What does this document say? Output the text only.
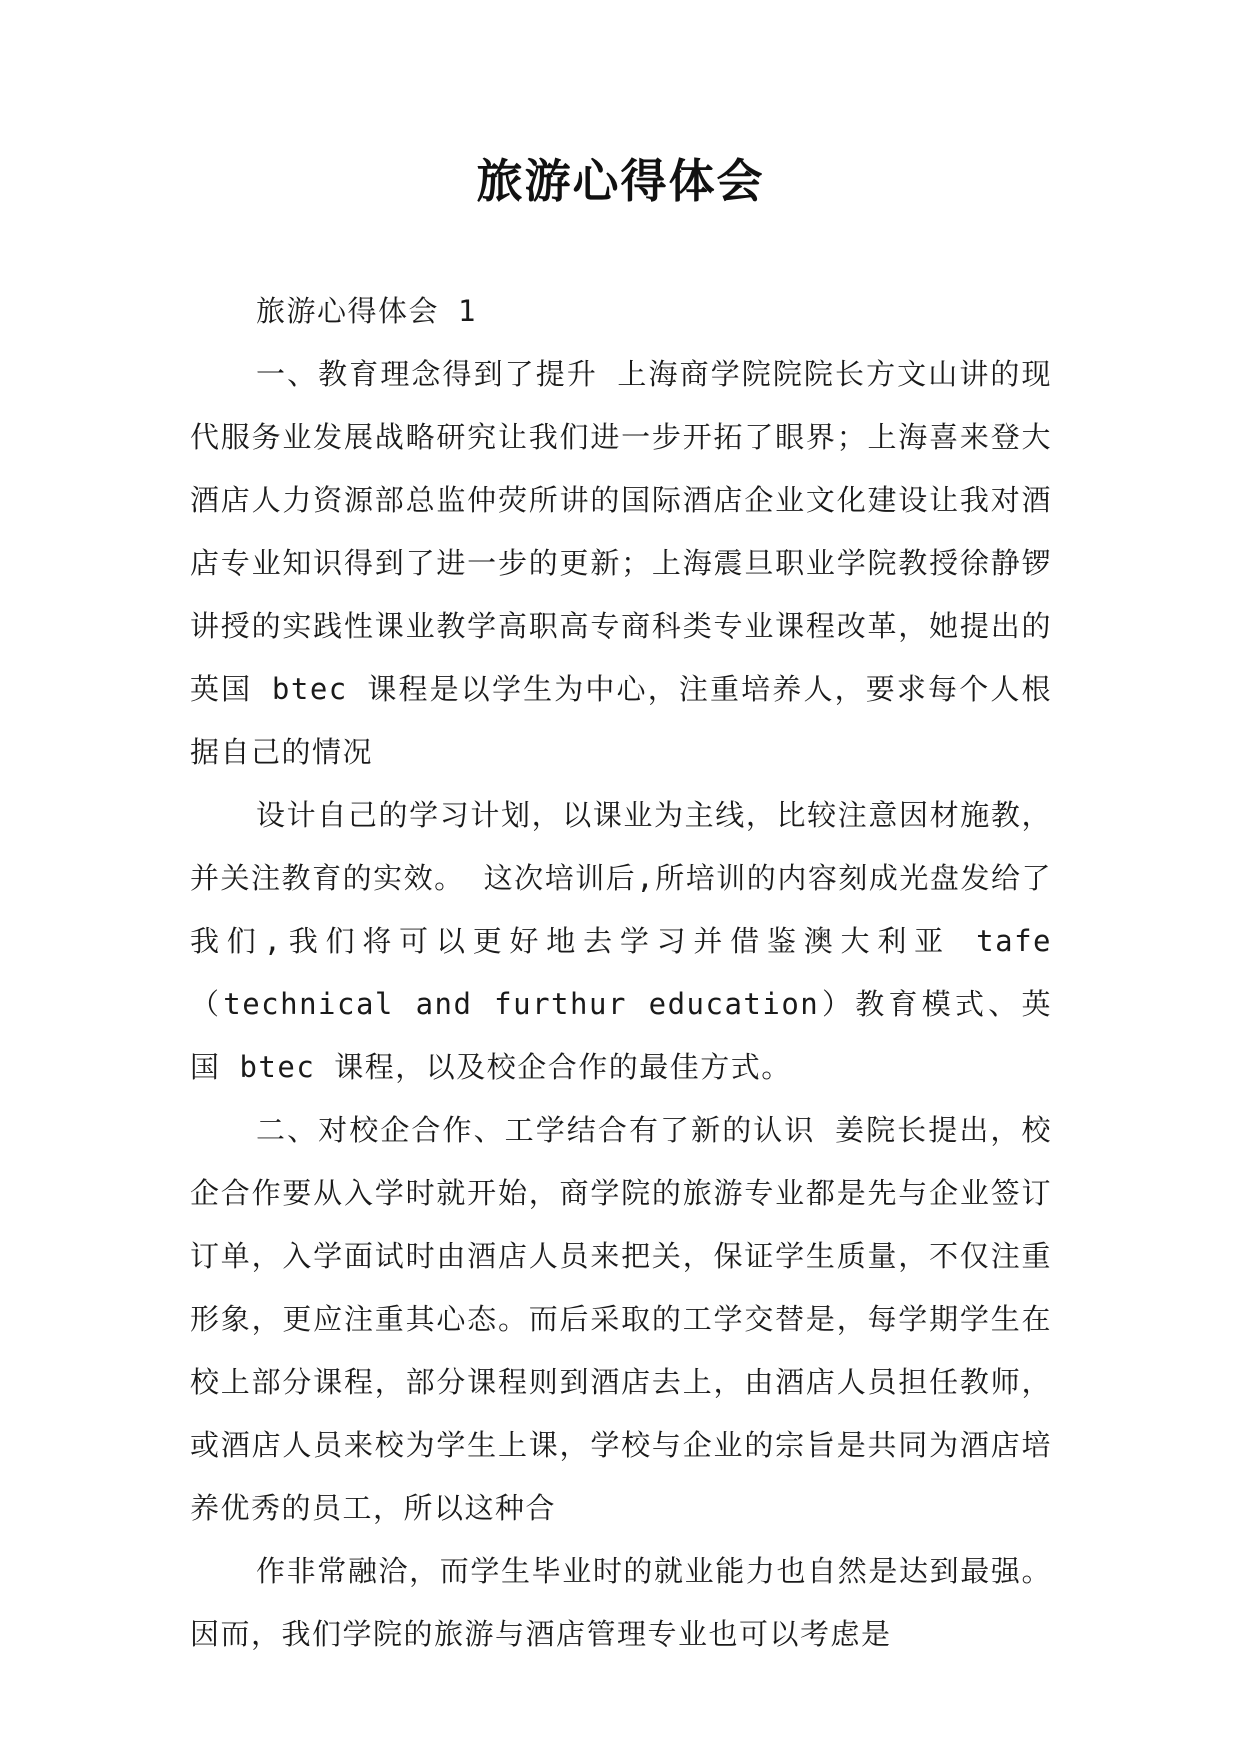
旅游心得体会

旅游心得体会 1

一、教育理念得到了提升 上海商学院院院长方文山讲的现代服务业发展战略研究让我们进一步开拓了眼界；上海喜来登大酒店人力资源部总监仲荧所讲的国际酒店企业文化建设让我对酒店专业知识得到了进一步的更新；上海震旦职业学院教授徐静锣讲授的实践性课业教学高职高专商科类专业课程改革，她提出的英国 btec 课程是以学生为中心，注重培养人，要求每个人根据自己的情况

设计自己的学习计划，以课业为主线，比较注意因材施教，并关注教育的实效。 这次培训后,所培训的内容刻成光盘发给了我们,我们将可以更好地去学习并借鉴澳大利亚 tafe（technical and furthur education）教育模式、英国 btec 课程，以及校企合作的最佳方式。

二、对校企合作、工学结合有了新的认识 姜院长提出，校企合作要从入学时就开始，商学院的旅游专业都是先与企业签订订单，入学面试时由酒店人员来把关，保证学生质量，不仅注重形象，更应注重其心态。而后采取的工学交替是，每学期学生在校上部分课程，部分课程则到酒店去上，由酒店人员担任教师，或酒店人员来校为学生上课，学校与企业的宗旨是共同为酒店培养优秀的员工，所以这种合

作非常融洽，而学生毕业时的就业能力也自然是达到最强。 因而，我们学院的旅游与酒店管理专业也可以考虑是
